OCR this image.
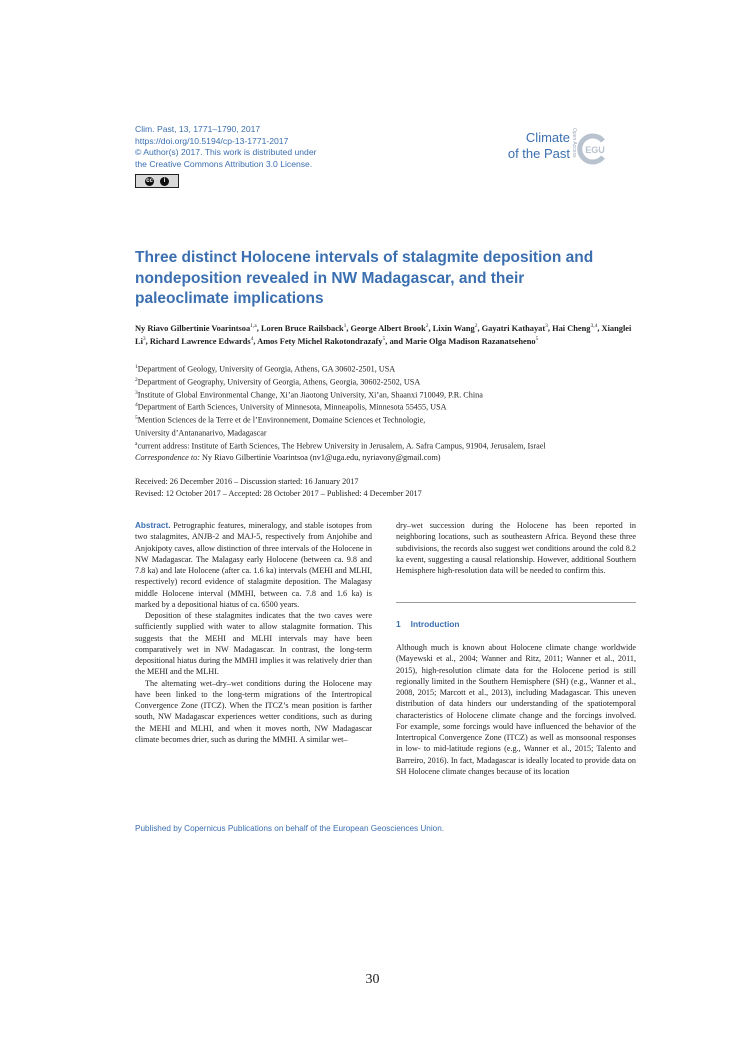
Clim. Past, 13, 1771–1790, 2017
https://doi.org/10.5194/cp-13-1771-2017
© Author(s) 2017. This work is distributed under
the Creative Commons Attribution 3.0 License.
cc	i
Climate
of the Past Open Access EGU
Three distinct Holocene intervals of stalagmite deposition and
nondeposition revealed in NW Madagascar, and their
paleoclimate implications
Ny Riavo Gilbertinie Voarintsoa$^{1,a}$, Loren Bruce Railsback$^1$, George Albert Brook$^2$, Lixin Wang$^2$, Gayatri Kathayat$^3$, Hai Cheng$^{3,4}$, Xianglei Li$^3$, Richard Lawrence Edwards$^4$, Amos Fety Michel Rakotondrazafy$^5$, and Marie Olga Madison Razanatseheno$^5$
$^1$Department of Geology, University of Georgia, Athens, GA 30602-2501, USA
$^2$Department of Geography, University of Georgia, Athens, Georgia, 30602-2502, USA
$^3$Institute of Global Environmental Change, Xi’an Jiaotong University, Xi’an, Shaanxi 710049, P.R. China
$^4$Department of Earth Sciences, University of Minnesota, Minneapolis, Minnesota 55455, USA
$^5$Mention Sciences de la Terre et de l’Environnement, Domaine Sciences et Technologie,
University d’Antananarivo, Madagascar
$^a$current address: Institute of Earth Sciences, The Hebrew University in Jerusalem, A. Safra Campus, 91904, Jerusalem, Israel
Correspondence to: Ny Riavo Gilbertinie Voarintsoa (nv1@uga.edu, nyriavony@gmail.com)
Received: 26 December 2016 – Discussion started: 16 January 2017
Revised: 12 October 2017 – Accepted: 28 October 2017 – Published: 4 December 2017

Abstract. Petrographic features, mineralogy, and stable isotopes from two stalagmites, ANJB-2 and MAJ-5, respectively from Anjohibe and Anjokipoty caves, allow distinction of three intervals of the Holocene in NW Madagascar. The Malagasy early Holocene (between ca. 9.8 and 7.8 ka) and late Holocene (after ca. 1.6 ka) intervals (MEHI and MLHI, respectively) record evidence of stalagmite deposition. The Malagasy middle Holocene interval (MMHI, between ca. 7.8 and 1.6 ka) is marked by a depositional hiatus of ca. 6500 years.

Deposition of these stalagmites indicates that the two caves were sufficiently supplied with water to allow stalagmite formation. This suggests that the MEHI and MLHI intervals may have been comparatively wet in NW Madagascar. In contrast, the long-term depositional hiatus during the MMHI implies it was relatively drier than the MEHI and the MLHI.

The alternating wet–dry–wet conditions during the Holocene may have been linked to the long-term migrations of the Intertropical Convergence Zone (ITCZ). When the ITCZ’s mean position is farther south, NW Madagascar experiences wetter conditions, such as during the MEHI and MLHI, and when it moves north, NW Madagascar climate becomes drier, such as during the MMHI. A similar wet–

dry–wet succession during the Holocene has been reported in neighboring locations, such as southeastern Africa. Beyond these three subdivisions, the records also suggest wet conditions around the cold 8.2 ka event, suggesting a causal relationship. However, additional Southern Hemisphere high-resolution data will be needed to confirm this.

1 Introduction

Although much is known about Holocene climate change worldwide (Mayewski et al., 2004; Wanner and Ritz, 2011; Wanner et al., 2011, 2015), high-resolution climate data for the Holocene period is still regionally limited in the Southern Hemisphere (SH) (e.g., Wanner et al., 2008, 2015; Marcott et al., 2013), including Madagascar. This uneven distribution of data hinders our understanding of the spatiotemporal characteristics of Holocene climate change and the forcings involved. For example, some forcings would have influenced the behavior of the Intertropical Convergence Zone (ITCZ) as well as monsoonal responses in low- to mid-latitude regions (e.g., Wanner et al., 2015; Talento and Barreiro, 2016). In fact, Madagascar is ideally located to provide data on SH Holocene climate changes because of its location

Published by Copernicus Publications on behalf of the European Geosciences Union.
30
